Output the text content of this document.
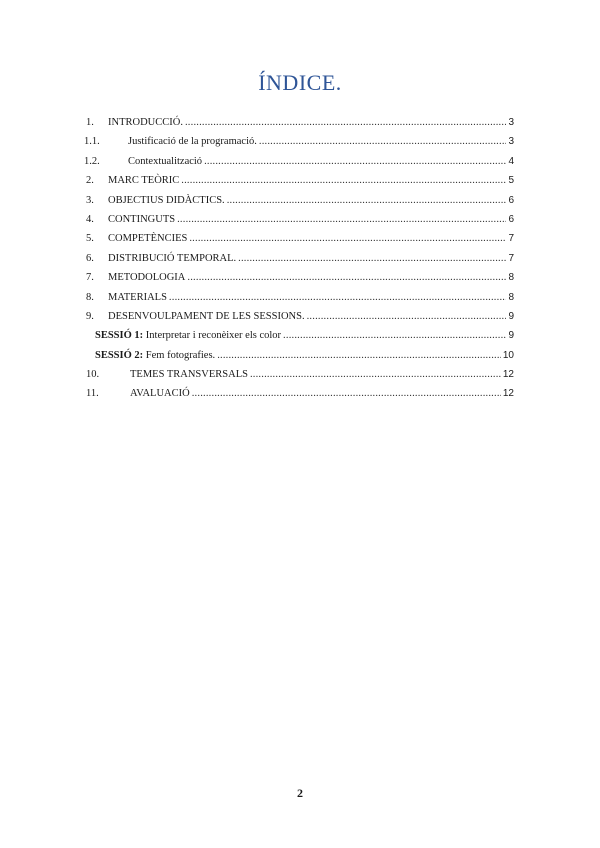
ÍNDICE.
1.	INTRODUCCIÓ. .....	3
1.1.	Justificació de la programació. .....	3
1.2.	Contextualització .....	4
2.	MARC TEÒRIC .....	5
3.	OBJECTIUS DIDÀCTICS. .....	6
4.	CONTINGUTS .....	6
5.	COMPETÈNCIES .....	7
6.	DISTRIBUCIÓ TEMPORAL. .....	7
7.	METODOLOGIA .....	8
8.	MATERIALS .....	8
9.	DESENVOULPAMENT DE LES SESSIONS. .....	9
SESSIÓ 1: Interpretar i reconèixer els color .....	9
SESSIÓ 2: Fem fotografies. .....	10
10.	TEMES TRANSVERSALS .....	12
11.	AVALUACIÓ .....	12
2
